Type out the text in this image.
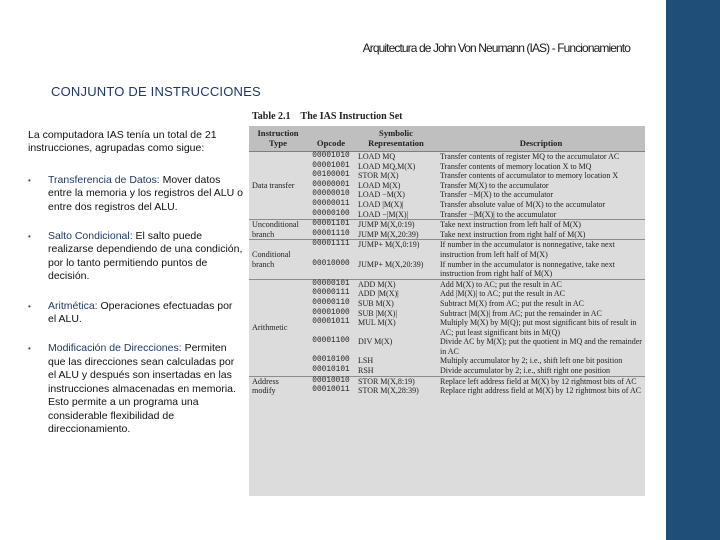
Arquitectura de John Von Neumann (IAS) - Funcionamiento
CONJUNTO DE INSTRUCCIONES

La computadora IAS tenía un total de 21 instrucciones, agrupadas como sigue:

• Transferencia de Datos: Mover datos entre la memoria y los registros del ALU o entre dos registros del ALU.
• Salto Condicional: El salto puede realizarse dependiendo de una condición, por lo tanto permitiendo puntos de decisión.
• Aritmética: Operaciones efectuadas por el ALU.
• Modificación de Direcciones: Permiten que las direcciones sean calculadas por el ALU y después son insertadas en las instrucciones almacenadas en memoria. Esto permite a un programa una considerable flexibilidad de direccionamiento.
Table 2.1 The IAS Instruction Set
Instruction Type	Opcode	Symbolic Representation	Description
Data transfer	00001010	LOAD MQ	Transfer contents of register MQ to the accumulator AC
	00001001	LOAD MQ,M(X)	Transfer contents of memory location X to MQ
	00100001	STOR M(X)	Transfer contents of accumulator to memory location X
	00000001	LOAD M(X)	Transfer M(X) to the accumulator
	00000010	LOAD −M(X)	Transfer −M(X) to the accumulator
	00000011	LOAD |M(X)|	Transfer absolute value of M(X) to the accumulator
	00000100	LOAD −|M(X)|	Transfer −|M(X)| to the accumulator
Unconditional branch	00001101	JUMP M(X,0:19)	Take next instruction from left half of M(X)
	00001110	JUMP M(X,20:39)	Take next instruction from right half of M(X)
Conditional branch	00001111	JUMP+ M(X,0:19)	If number in the accumulator is nonnegative, take next instruction from left half of M(X)
	00010000	JUMP+ M(X,20:39)	If number in the accumulator is nonnegative, take next instruction from right half of M(X)
Arithmetic	00000101	ADD M(X)	Add M(X) to AC; put the result in AC
	00000111	ADD |M(X)|	Add |M(X)| to AC; put the result in AC
	00000110	SUB M(X)	Subtract M(X) from AC; put the result in AC
	00001000	SUB |M(X)|	Subtract |M(X)| from AC; put the remainder in AC
	00001011	MUL M(X)	Multiply M(X) by M(Q); put most significant bits of result in AC; put least significant bits in M(Q)
	00001100	DIV M(X)	Divide AC by M(X); put the quotient in MQ and the remainder in AC
	00010100	LSH	Multiply accumulator by 2; i.e., shift left one bit position
	00010101	RSH	Divide accumulator by 2; i.e., shift right one position
Address modify	00010010	STOR M(X,8:19)	Replace left address field at M(X) by 12 rightmost bits of AC
	00010011	STOR M(X,28:39)	Replace right address field at M(X) by 12 rightmost bits of AC
